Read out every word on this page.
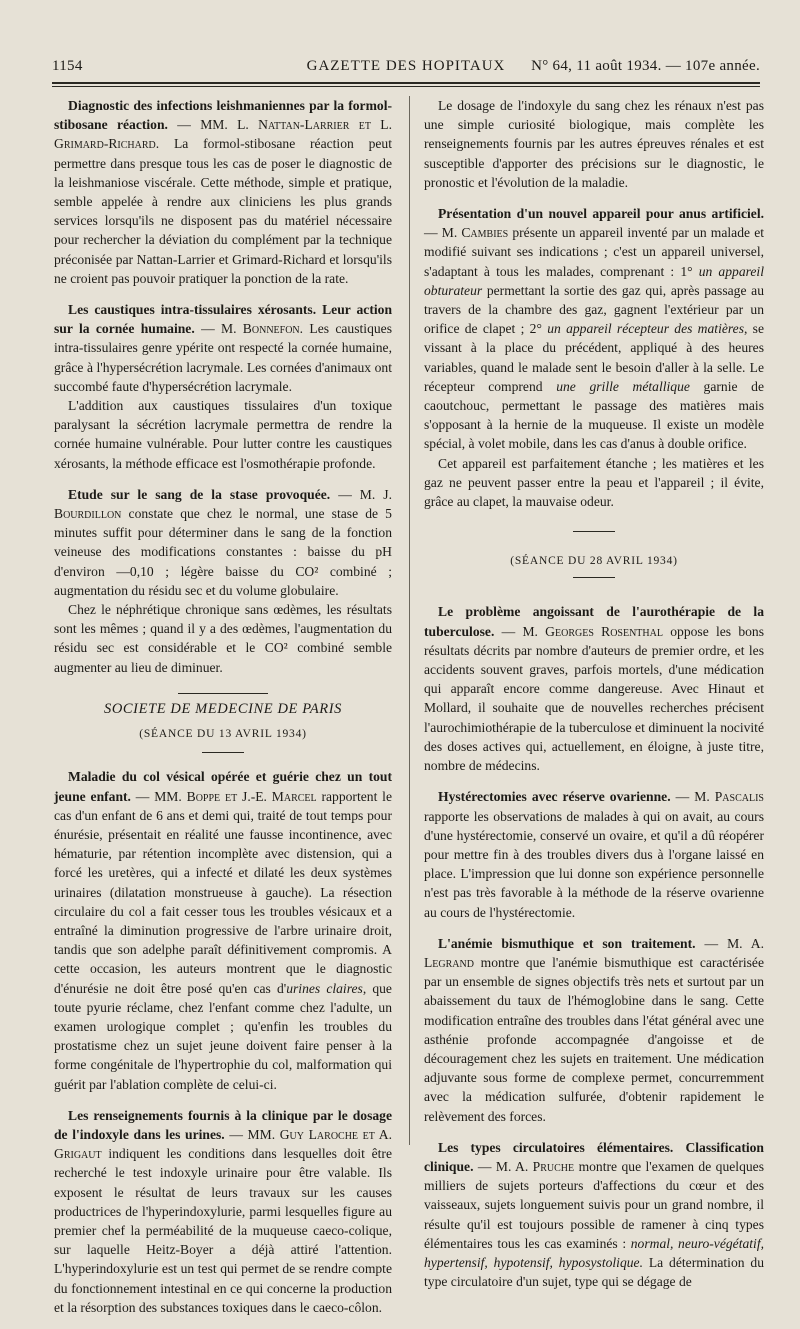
1154	GAZETTE DES HOPITAUX	N° 64, 11 août 1934. — 107e année.

Diagnostic des infections leishmaniennes par la formol-stibosane réaction. — MM. L. Nattan-Larrier et L. Grimard-Richard. La formol-stibosane réaction peut permettre dans presque tous les cas de poser le diagnostic de la leishmaniose viscérale. Cette méthode, simple et pratique, semble appelée à rendre aux cliniciens les plus grands services lorsqu'ils ne disposent pas du matériel nécessaire pour rechercher la déviation du complément par la technique préconisée par Nattan-Larrier et Grimard-Richard et lorsqu'ils ne croient pas pouvoir pratiquer la ponction de la rate.

Les caustiques intra-tissulaires xérosants. Leur action sur la cornée humaine. — M. Bonnefon. Les caustiques intra-tissulaires genre ypérite ont respecté la cornée humaine, grâce à l'hypersécrétion lacrymale. Les cornées d'animaux ont succombé faute d'hypersécrétion lacrymale.

L'addition aux caustiques tissulaires d'un toxique paralysant la sécrétion lacrymale permettra de rendre la cornée humaine vulnérable. Pour lutter contre les caustiques xérosants, la méthode efficace est l'osmothérapie profonde.

Etude sur le sang de la stase provoquée. — M. J. Bourdillon constate que chez le normal, une stase de 5 minutes suffit pour déterminer dans le sang de la fonction veineuse des modifications constantes : baisse du pH d'environ —0,10 ; légère baisse du CO² combiné ; augmentation du résidu sec et du volume globulaire.

Chez le néphrétique chronique sans œdèmes, les résultats sont les mêmes ; quand il y a des œdèmes, l'augmentation du résidu sec est considérable et le CO² combiné semble augmenter au lieu de diminuer.

SOCIETE DE MEDECINE DE PARIS

(SÉANCE DU 13 AVRIL 1934)

Maladie du col vésical opérée et guérie chez un tout jeune enfant. — MM. Boppe et J.-E. Marcel rapportent le cas d'un enfant de 6 ans et demi qui, traité de tout temps pour énurésie, présentait en réalité une fausse incontinence, avec hématurie, par rétention incomplète avec distension, qui a forcé les uretères, qui a infecté et dilaté les deux systèmes urinaires (dilatation monstrueuse à gauche). La résection circulaire du col a fait cesser tous les troubles vésicaux et a entraîné la diminution progressive de l'arbre urinaire droit, tandis que son adelphe paraît définitivement compromis. A cette occasion, les auteurs montrent que le diagnostic d'énurésie ne doit être posé qu'en cas d'urines claires, que toute pyurie réclame, chez l'enfant comme chez l'adulte, un examen urologique complet ; qu'enfin les troubles du prostatisme chez un sujet jeune doivent faire penser à la forme congénitale de l'hypertrophie du col, malformation qui guérit par l'ablation complète de celui-ci.

Les renseignements fournis à la clinique par le dosage de l'indoxyle dans les urines. — MM. Guy Laroche et A. Grigaut indiquent les conditions dans lesquelles doit être recherché le test indoxyle urinaire pour être valable. Ils exposent le résultat de leurs travaux sur les causes productrices de l'hyperindoxylurie, parmi lesquelles figure au premier chef la perméabilité de la muqueuse caeco-colique, sur laquelle Heitz-Boyer a déjà attiré l'attention. L'hyperindoxylurie est un test qui permet de se rendre compte du fonctionnement intestinal en ce qui concerne la production et la résorption des substances toxiques dans le caeco-côlon.

Le dosage de l'indoxyle du sang chez les rénaux n'est pas une simple curiosité biologique, mais complète les renseignements fournis par les autres épreuves rénales et est susceptible d'apporter des précisions sur le diagnostic, le pronostic et l'évolution de la maladie.

Présentation d'un nouvel appareil pour anus artificiel. — M. Cambies présente un appareil inventé par un malade et modifié suivant ses indications ; c'est un appareil universel, s'adaptant à tous les malades, comprenant : 1° un appareil obturateur permettant la sortie des gaz qui, après passage au travers de la chambre des gaz, gagnent l'extérieur par un orifice de clapet ; 2° un appareil récepteur des matières, se vissant à la place du précédent, appliqué à des heures variables, quand le malade sent le besoin d'aller à la selle. Le récepteur comprend une grille métallique garnie de caoutchouc, permettant le passage des matières mais s'opposant à la hernie de la muqueuse. Il existe un modèle spécial, à volet mobile, dans les cas d'anus à double orifice.

Cet appareil est parfaitement étanche ; les matières et les gaz ne peuvent passer entre la peau et l'appareil ; il évite, grâce au clapet, la mauvaise odeur.

(SÉANCE DU 28 AVRIL 1934)

Le problème angoissant de l'aurothérapie de la tuberculose. — M. Georges Rosenthal oppose les bons résultats décrits par nombre d'auteurs de premier ordre, et les accidents souvent graves, parfois mortels, d'une médication qui apparaît encore comme dangereuse. Avec Hinaut et Mollard, il souhaite que de nouvelles recherches précisent l'aurochimiothérapie de la tuberculose et diminuent la nocivité des doses actives qui, actuellement, en éloigne, à juste titre, nombre de médecins.

Hystérectomies avec réserve ovarienne. — M. Pascalis rapporte les observations de malades à qui on avait, au cours d'une hystérectomie, conservé un ovaire, et qu'il a dû réopérer pour mettre fin à des troubles divers dus à l'organe laissé en place. L'impression que lui donne son expérience personnelle n'est pas très favorable à la méthode de la réserve ovarienne au cours de l'hystérectomie.

L'anémie bismuthique et son traitement. — M. A. Legrand montre que l'anémie bismuthique est caractérisée par un ensemble de signes objectifs très nets et surtout par un abaissement du taux de l'hémoglobine dans le sang. Cette modification entraîne des troubles dans l'état général avec une asthénie profonde accompagnée d'angoisse et de découragement chez les sujets en traitement. Une médication adjuvante sous forme de complexe permet, concurremment avec la médication sulfurée, d'obtenir rapidement le relèvement des forces.

Les types circulatoires élémentaires. Classification clinique. — M. A. Pruche montre que l'examen de quelques milliers de sujets porteurs d'affections du cœur et des vaisseaux, sujets longuement suivis pour un grand nombre, il résulte qu'il est toujours possible de ramener à cinq types élémentaires tous les cas examinés : normal, neuro-végétatif, hypertensif, hypotensif, hyposystolique. La détermination du type circulatoire d'un sujet, type qui se dégage de
